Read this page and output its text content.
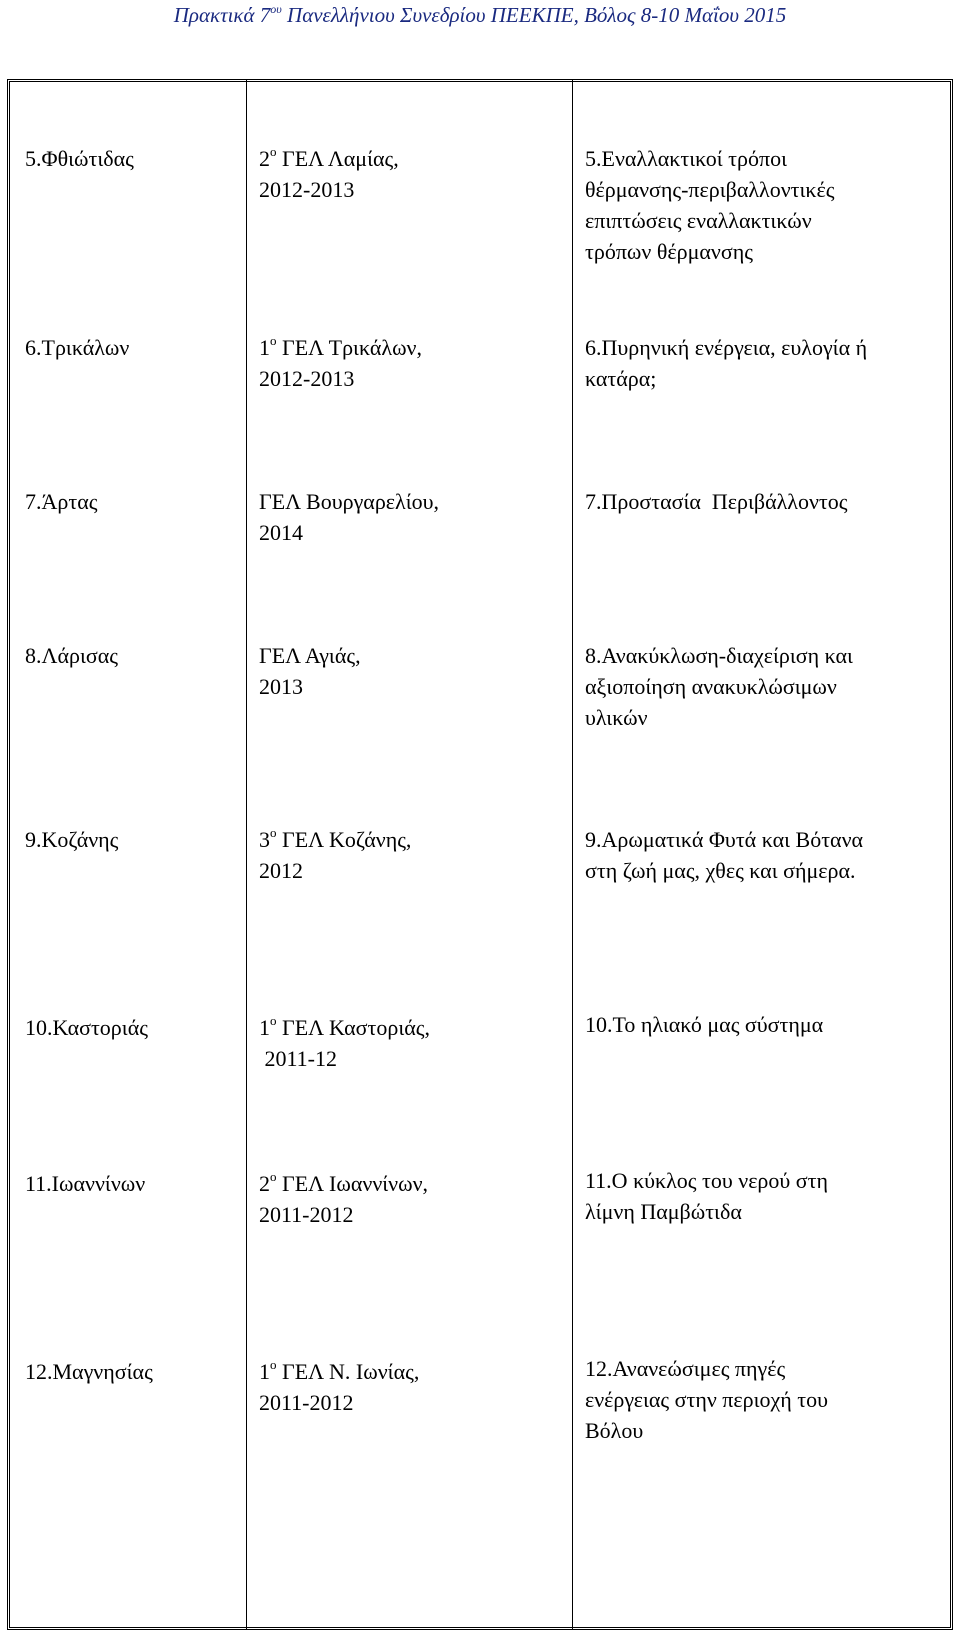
Πρακτικά $7^{o\upsilon}$ Πανελλήνιου Συνεδρίου ΠΕΕΚΠΕ, Βόλος 8-10 Μαΐου 2015
5.Φθιώτιδας	$2^o$ ΓΕΛ Λαμίας,
2012-2013
5.Εναλλακτικοί τρόποι
θέρμανσης-περιβαλλοντικές
επιπτώσεις εναλλακτικών
τρόπων θέρμανσης
6.Τρικάλων	$1^o$ ΓΕΛ Τρικάλων,
2012-2013
6.Πυρηνική ενέργεια, ευλογία ή
κατάρα;
7.Άρτας	ΓΕΛ Βουργαρελίου,
2014
7.Προστασία  Περιβάλλοντος
8.Λάρισας	ΓΕΛ Αγιάς,
2013
8.Ανακύκλωση-διαχείριση και
αξιοποίηση ανακυκλώσιμων
υλικών
9.Κοζάνης	$3^o$ ΓΕΛ Κοζάνης,
2012
9.Αρωματικά Φυτά και Βότανα
στη ζωή μας, χθες και σήμερα.
10.Καστοριάς	$1^o$ ΓΕΛ Καστοριάς,
2011-12
10.Το ηλιακό μας σύστημα
11.Ιωαννίνων	$2^o$ ΓΕΛ Ιωαννίνων,
2011-2012
11.Ο κύκλος του νερού στη
λίμνη Παμβώτιδα
12.Μαγνησίας	$1^o$ ΓΕΛ Ν. Ιωνίας,
2011-2012
12.Ανανεώσιμες πηγές
ενέργειας στην περιοχή του
Βόλου
